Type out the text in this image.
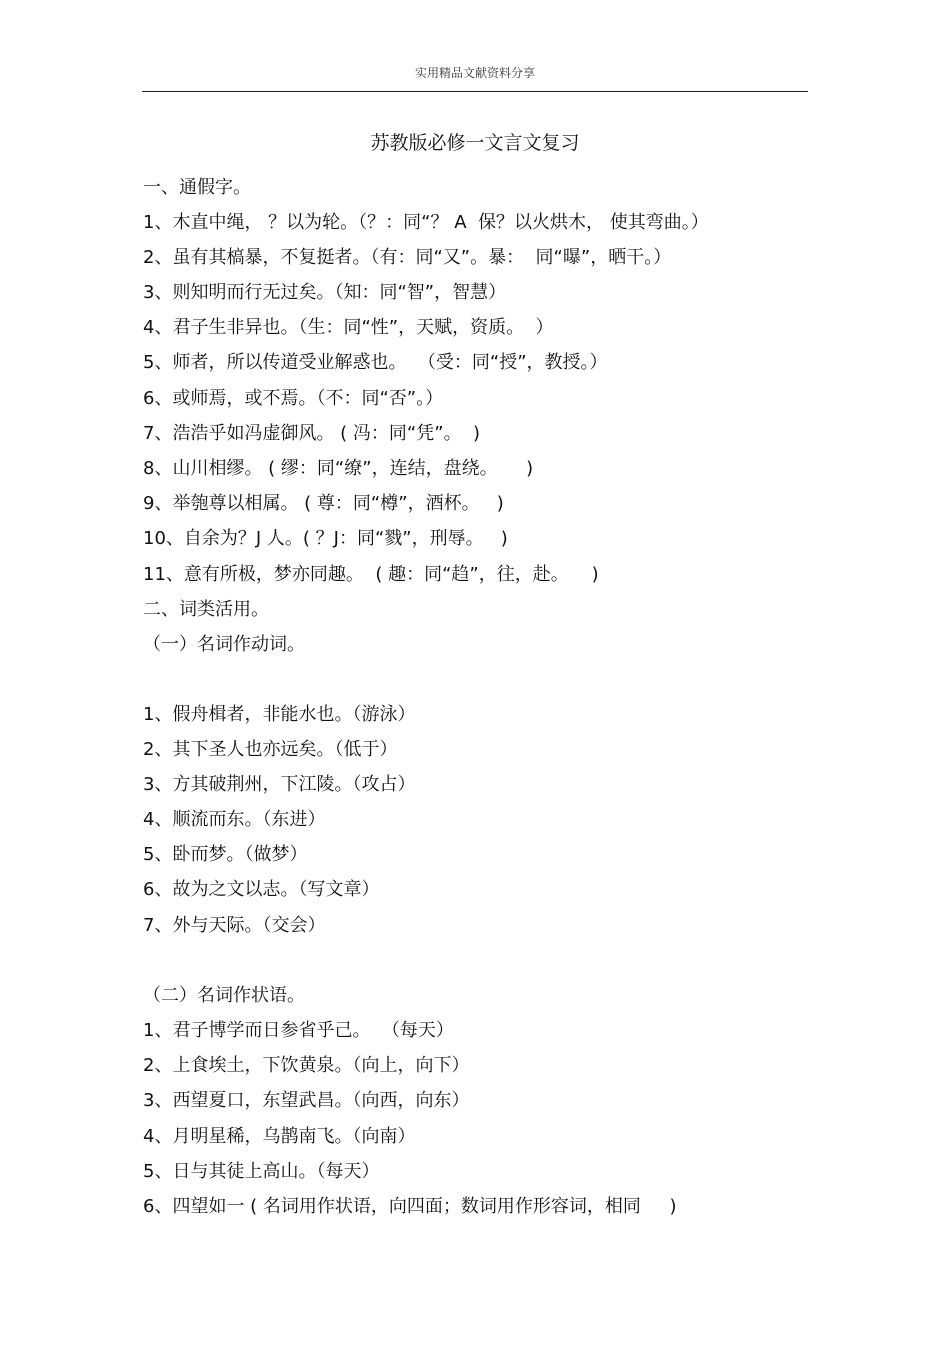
实用精品文献资料分享
苏教版必修一文言文复习
一、通假字。
1、木直中绳， ？以为轮。（？：同“？ A  保？以火烘木， 使其弯曲。）
2、虽有其槁暴，不复挺者。（有：同“又”。暴：  同“曝”，晒干。）
3、则知明而行无过矣。（知：同“智”，智慧）
4、君子生非异也。（生：同“性”，天赋，资质。  ）
5、师者，所以传道受业解惑也。  （受：同“授”，教授。）
6、或师焉，或不焉。（不：同“否”。）
7、浩浩乎如冯虚御风。 ( 冯：同“凭”。  )
8、山川相缪。 ( 缪：同“缭”，连结，盘绕。     )
9、举匏尊以相属。 ( 尊：同“樽”，酒杯。   )
10、自余为？J 人。( ？J：同“戮”，刑辱。   )
11、意有所极，梦亦同趣。  ( 趣：同“趋”，往，赴。    )
二、词类活用。
（一）名词作动词。
1、假舟楫者，非能水也。（游泳）
2、其下圣人也亦远矣。（低于）
3、方其破荆州，下江陵。（攻占）
4、顺流而东。（东进）
5、卧而梦。（做梦）
6、故为之文以志。（写文章）
7、外与天际。（交会）
（二）名词作状语。
1、君子博学而日参省乎己。  （每天）
2、上食埃土，下饮黄泉。（向上，向下）
3、西望夏口，东望武昌。（向西，向东）
4、月明星稀，乌鹊南飞。（向南）
5、日与其徒上高山。（每天）
6、四望如一 ( 名词用作状语，向四面；数词用作形容词，相同     )
